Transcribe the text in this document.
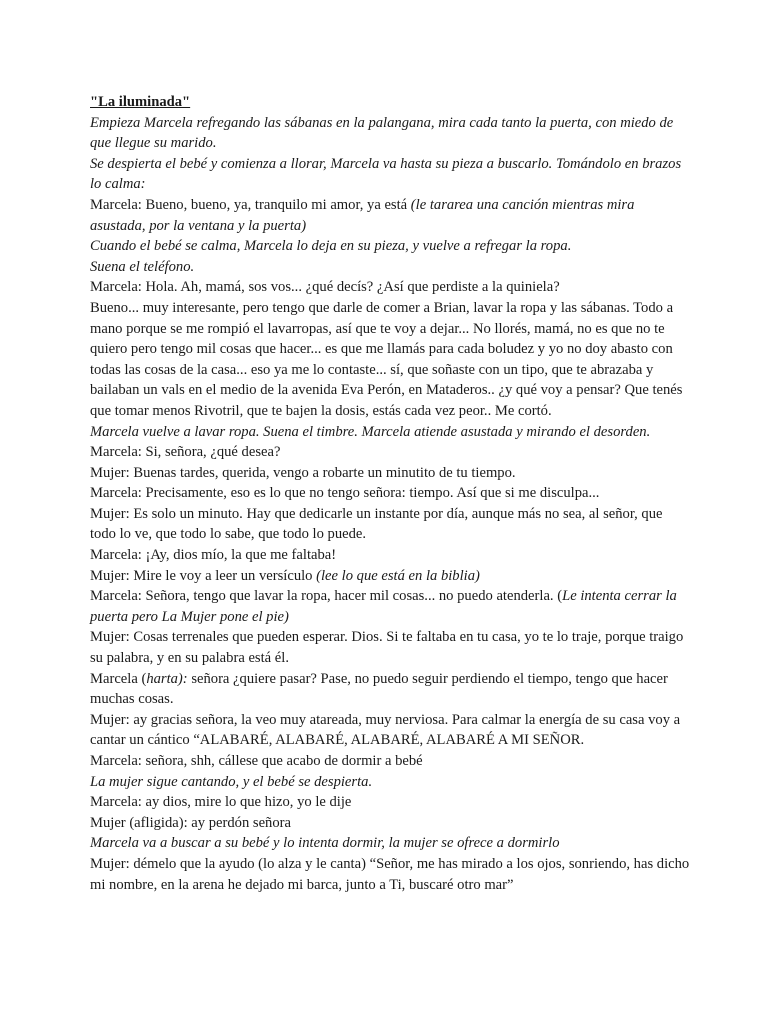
"La iluminada"
Empieza Marcela refregando las sábanas en la palangana, mira cada tanto la puerta, con miedo de que llegue su marido.
Se despierta el bebé y comienza a llorar, Marcela va hasta su pieza a buscarlo. Tomándolo en brazos lo calma:
Marcela: Bueno, bueno, ya, tranquilo mi amor, ya está (le tararea una canción mientras mira asustada, por la ventana y la puerta)
Cuando el bebé se calma, Marcela lo deja en su pieza, y vuelve a refregar la ropa.
Suena el teléfono.
Marcela: Hola. Ah, mamá, sos vos... ¿qué decís? ¿Así que perdiste a la quiniela?
Bueno... muy interesante, pero tengo que darle de comer a Brian, lavar la ropa y las sábanas. Todo a mano porque se me rompió el lavarropas, así que te voy a dejar... No llorés, mamá, no es que no te quiero pero tengo mil cosas que hacer... es que me llamás para cada boludez y yo no doy abasto con todas las cosas de la casa... eso ya me lo contaste... sí, que soñaste con un tipo, que te abrazaba y bailaban un vals en el medio de la avenida Eva Perón, en Mataderos.. ¿y qué voy a pensar? Que tenés que tomar menos Rivotril, que te bajen la dosis, estás cada vez peor.. Me cortó.
Marcela vuelve a lavar ropa. Suena el timbre. Marcela atiende asustada y mirando el desorden.
Marcela: Si, señora, ¿qué desea?
Mujer: Buenas tardes, querida, vengo a robarte un minutito de tu tiempo.
Marcela: Precisamente, eso es lo que no tengo señora: tiempo. Así que si me disculpa...
Mujer: Es solo un minuto. Hay que dedicarle un instante por día, aunque más no sea, al señor, que todo lo ve, que todo lo sabe, que todo lo puede.
Marcela: ¡Ay, dios mío, la que me faltaba!
Mujer: Mire le voy a leer un versículo (lee lo que está en la biblia)
Marcela: Señora, tengo que lavar la ropa, hacer mil cosas... no puedo atenderla. (Le intenta cerrar la puerta pero La Mujer pone el pie)
Mujer: Cosas terrenales que pueden esperar. Dios. Si te faltaba en tu casa, yo te lo traje, porque traigo su palabra, y en su palabra está él.
Marcela (harta): señora ¿quiere pasar? Pase, no puedo seguir perdiendo el tiempo, tengo que hacer muchas cosas.
Mujer: ay gracias señora, la veo muy atareada, muy nerviosa. Para calmar la energía de su casa voy a cantar un cántico “ALABARÉ, ALABARÉ, ALABARÉ, ALABARÉ A MI SEÑOR.
Marcela: señora, shh, cállese que acabo de dormir a bebé
La mujer sigue cantando, y el bebé se despierta.
Marcela: ay dios, mire lo que hizo, yo le dije
Mujer (afligida): ay perdón señora
Marcela va a buscar a su bebé y lo intenta dormir, la mujer se ofrece a dormirlo
Mujer: démelo que la ayudo (lo alza y le canta) “Señor, me has mirado a los ojos, sonriendo, has dicho mi nombre, en la arena he dejado mi barca, junto a Ti, buscaré otro mar”
